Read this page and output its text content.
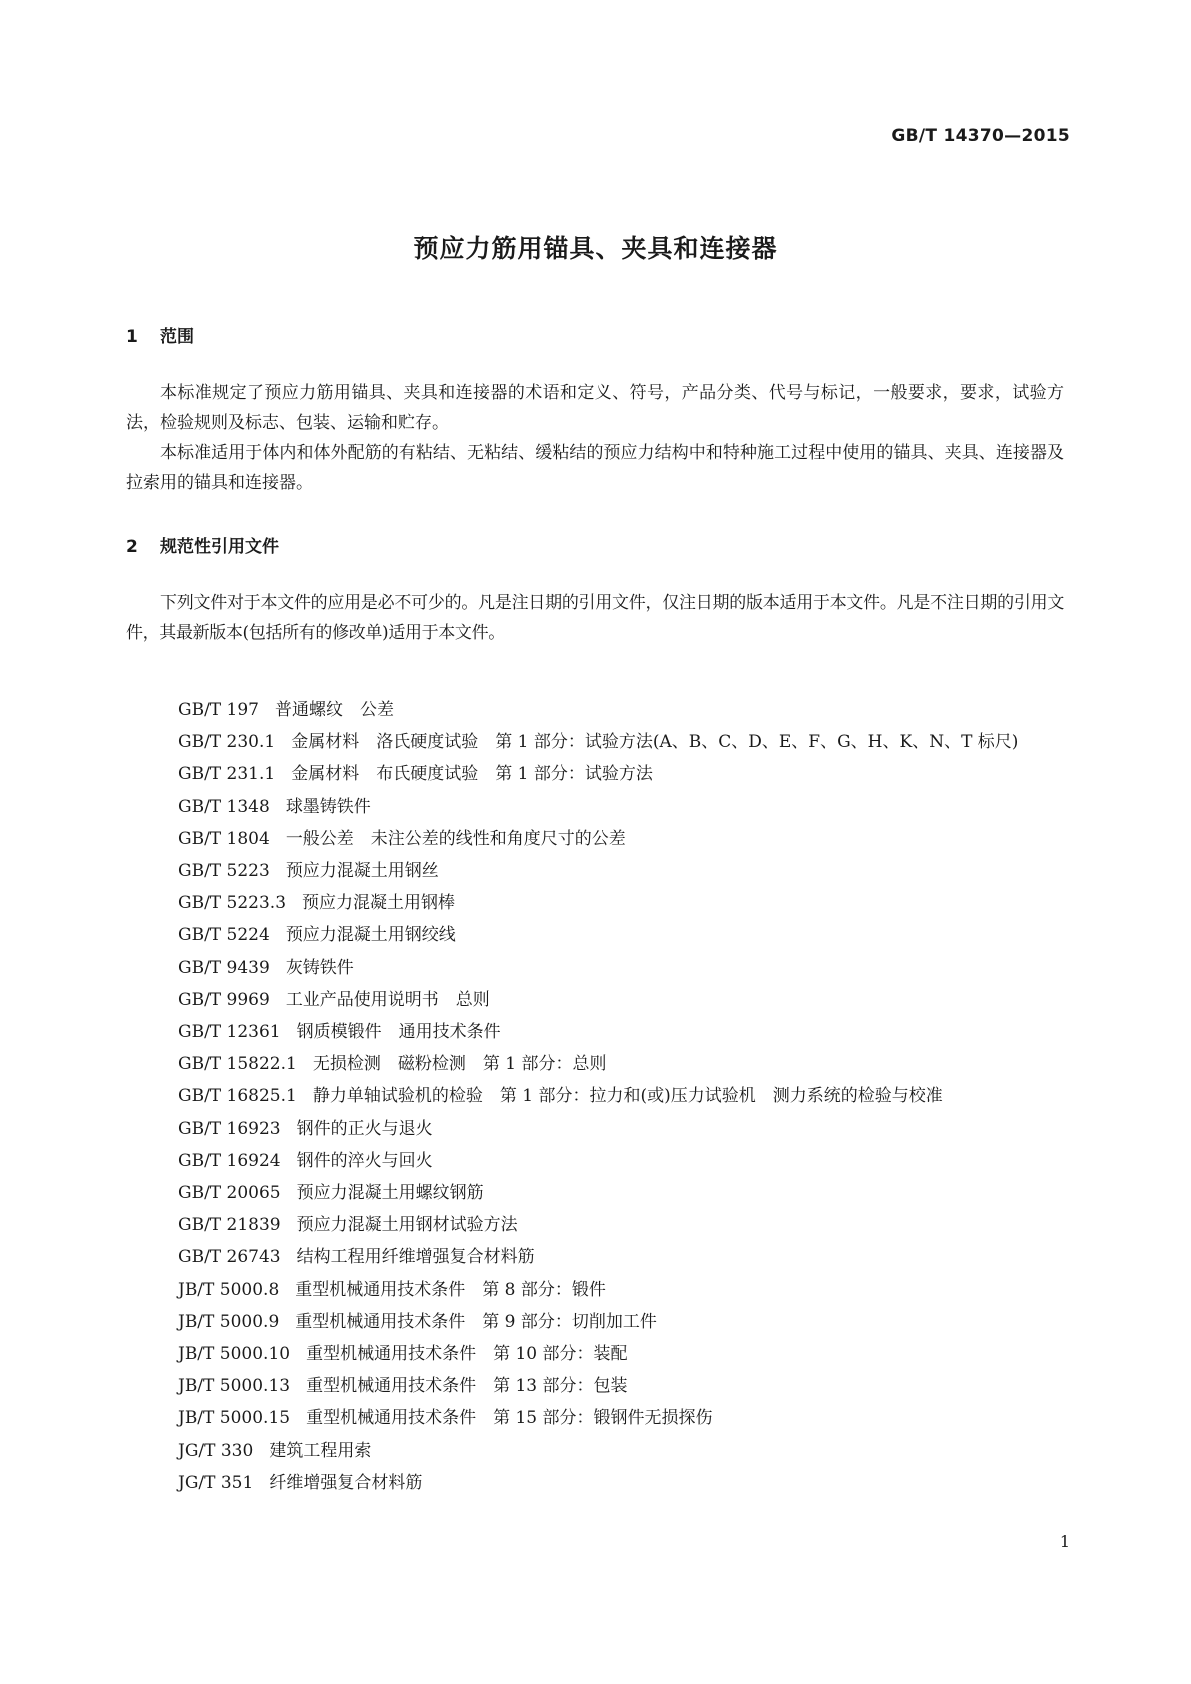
GB/T 14370—2015
预应力筋用锚具、夹具和连接器
1 范围

本标准规定了预应力筋用锚具、夹具和连接器的术语和定义、符号，产品分类、代号与标记，一般要求，要求，试验方法，检验规则及标志、包装、运输和贮存。

本标准适用于体内和体外配筋的有粘结、无粘结、缓粘结的预应力结构中和特种施工过程中使用的锚具、夹具、连接器及拉索用的锚具和连接器。

2 规范性引用文件

下列文件对于本文件的应用是必不可少的。凡是注日期的引用文件，仅注日期的版本适用于本文件。凡是不注日期的引用文件，其最新版本(包括所有的修改单)适用于本文件。

GB/T 197 普通螺纹　公差
GB/T 230.1 金属材料　洛氏硬度试验　第 1 部分：试验方法(A、B、C、D、E、F、G、H、K、N、T 标尺)
GB/T 231.1 金属材料　布氏硬度试验　第 1 部分：试验方法
GB/T 1348 球墨铸铁件
GB/T 1804 一般公差　未注公差的线性和角度尺寸的公差
GB/T 5223 预应力混凝土用钢丝
GB/T 5223.3 预应力混凝土用钢棒
GB/T 5224 预应力混凝土用钢绞线
GB/T 9439 灰铸铁件
GB/T 9969 工业产品使用说明书　总则
GB/T 12361 钢质模锻件　通用技术条件
GB/T 15822.1 无损检测　磁粉检测　第 1 部分：总则
GB/T 16825.1 静力单轴试验机的检验　第 1 部分：拉力和(或)压力试验机　测力系统的检验与校准
GB/T 16923 钢件的正火与退火
GB/T 16924 钢件的淬火与回火
GB/T 20065 预应力混凝土用螺纹钢筋
GB/T 21839 预应力混凝土用钢材试验方法
GB/T 26743 结构工程用纤维增强复合材料筋
JB/T 5000.8 重型机械通用技术条件　第 8 部分：锻件
JB/T 5000.9 重型机械通用技术条件　第 9 部分：切削加工件
JB/T 5000.10 重型机械通用技术条件　第 10 部分：装配
JB/T 5000.13 重型机械通用技术条件　第 13 部分：包装
JB/T 5000.15 重型机械通用技术条件　第 15 部分：锻钢件无损探伤
JG/T 330 建筑工程用索
JG/T 351 纤维增强复合材料筋
1
